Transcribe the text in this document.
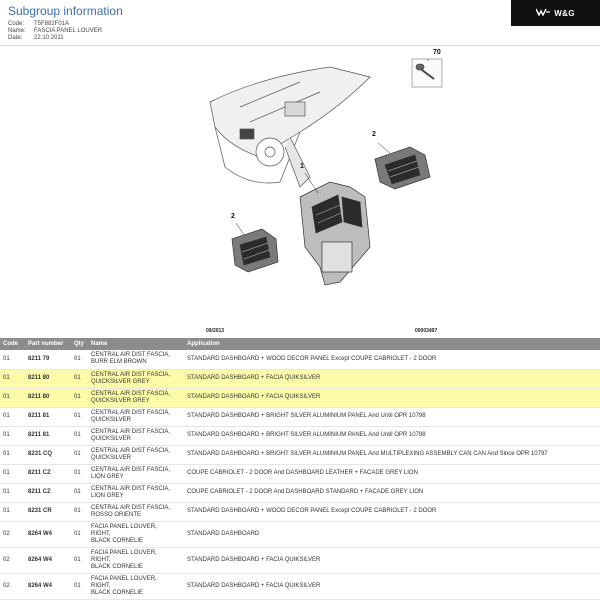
Subgroup information
Code:	T5F882F01A
Name:	FASCIA PANEL LOUVER
Date:	22.10.2011
W&G
70
2
1
2
09/2013	00003497
Code	Part number	Qty	Name	Application
01	8211 79	01	CENTRAL AIR DIST FASCIA,
BURR ELM BROWN	STANDARD DASHBOARD + WOOD DECOR PANEL Except COUPE CABRIOLET - 2 DOOR
01	8211 80	01	CENTRAL AIR DIST FASCIA,
QUICKSILVER GREY	STANDARD DASHBOARD + FACIA QUIKSILVER
01	8211 80	01	CENTRAL AIR DIST FASCIA,
QUICKSILVER GREY	STANDARD DASHBOARD + FACIA QUIKSILVER
01	8211 81	01	CENTRAL AIR DIST FASCIA,
QUICKSILVER	STANDARD DASHBOARD + BRIGHT SILVER ALUMINIUM PANEL And Until OPR 10798
01	8211 81	01	CENTRAL AIR DIST FASCIA,
QUICKSILVER	STANDARD DASHBOARD + BRIGHT SILVER ALUMINIUM PANEL And Until OPR 10798
01	8231 CQ	01	CENTRAL AIR DIST FASCIA,
QUICKSILVER	STANDARD DASHBOARD + BRIGHT SILVER ALUMINIUM PANEL And MULTIPLEXING ASSEMBLY CAN CAN And Since OPR 10797
01	8211 CZ	01	CENTRAL AIR DIST FASCIA,
LION GREY	COUPE CABRIOLET - 2 DOOR And DASHBOARD LEATHER + FACADE GREY LION
01	8211 CZ	01	CENTRAL AIR DIST FASCIA,
LION GREY	COUPE CABRIOLET - 2 DOOR And DASHBOARD STANDARD + FACADE GREY LION
01	8231 CR	01	CENTRAL AIR DIST FASCIA,
ROSSO ORIENTE	STANDARD DASHBOARD + WOOD DECOR PANEL Except COUPE CABRIOLET - 2 DOOR
02	8264 W4	01	FACIA PANEL LOUVER,
RIGHT,
BLACK CORNELIE	STANDARD DASHBOARD
02	8264 W4	01	FACIA PANEL LOUVER,
RIGHT,
BLACK CORNELIE	STANDARD DASHBOARD + FACIA QUIKSILVER
02	8264 W4	01	FACIA PANEL LOUVER,
RIGHT,
BLACK CORNELIE	STANDARD DASHBOARD + FACIA QUIKSILVER
